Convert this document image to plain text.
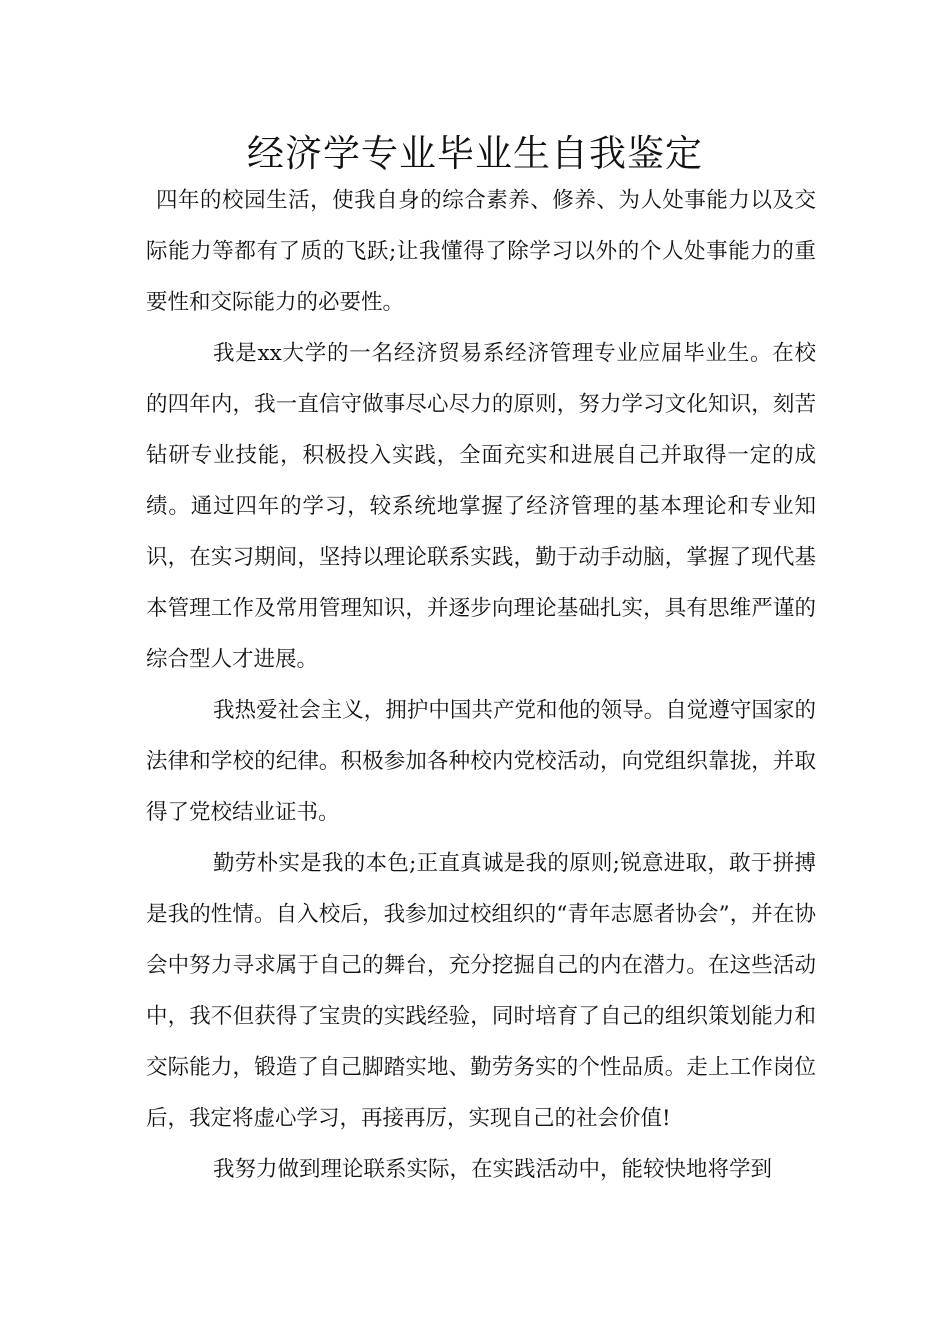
经济学专业毕业生自我鉴定

四年的校园生活，使我自身的综合素养、修养、为人处事能力以及交际能力等都有了质的飞跃;让我懂得了除学习以外的个人处事能力的重要性和交际能力的必要性。

我是xx大学的一名经济贸易系经济管理专业应届毕业生。在校的四年内，我一直信守做事尽心尽力的原则，努力学习文化知识，刻苦钻研专业技能，积极投入实践，全面充实和进展自己并取得一定的成绩。通过四年的学习，较系统地掌握了经济管理的基本理论和专业知识，在实习期间，坚持以理论联系实践，勤于动手动脑，掌握了现代基本管理工作及常用管理知识，并逐步向理论基础扎实，具有思维严谨的综合型人才进展。

我热爱社会主义，拥护中国共产党和他的领导。自觉遵守国家的法律和学校的纪律。积极参加各种校内党校活动，向党组织靠拢，并取得了党校结业证书。

勤劳朴实是我的本色;正直真诚是我的原则;锐意进取，敢于拼搏是我的性情。自入校后，我参加过校组织的“青年志愿者协会”，并在协会中努力寻求属于自己的舞台，充分挖掘自己的内在潜力。在这些活动中，我不但获得了宝贵的实践经验，同时培育了自己的组织策划能力和交际能力，锻造了自己脚踏实地、勤劳务实的个性品质。走上工作岗位后，我定将虚心学习，再接再厉，实现自己的社会价值!

我努力做到理论联系实际，在实践活动中，能较快地将学到
